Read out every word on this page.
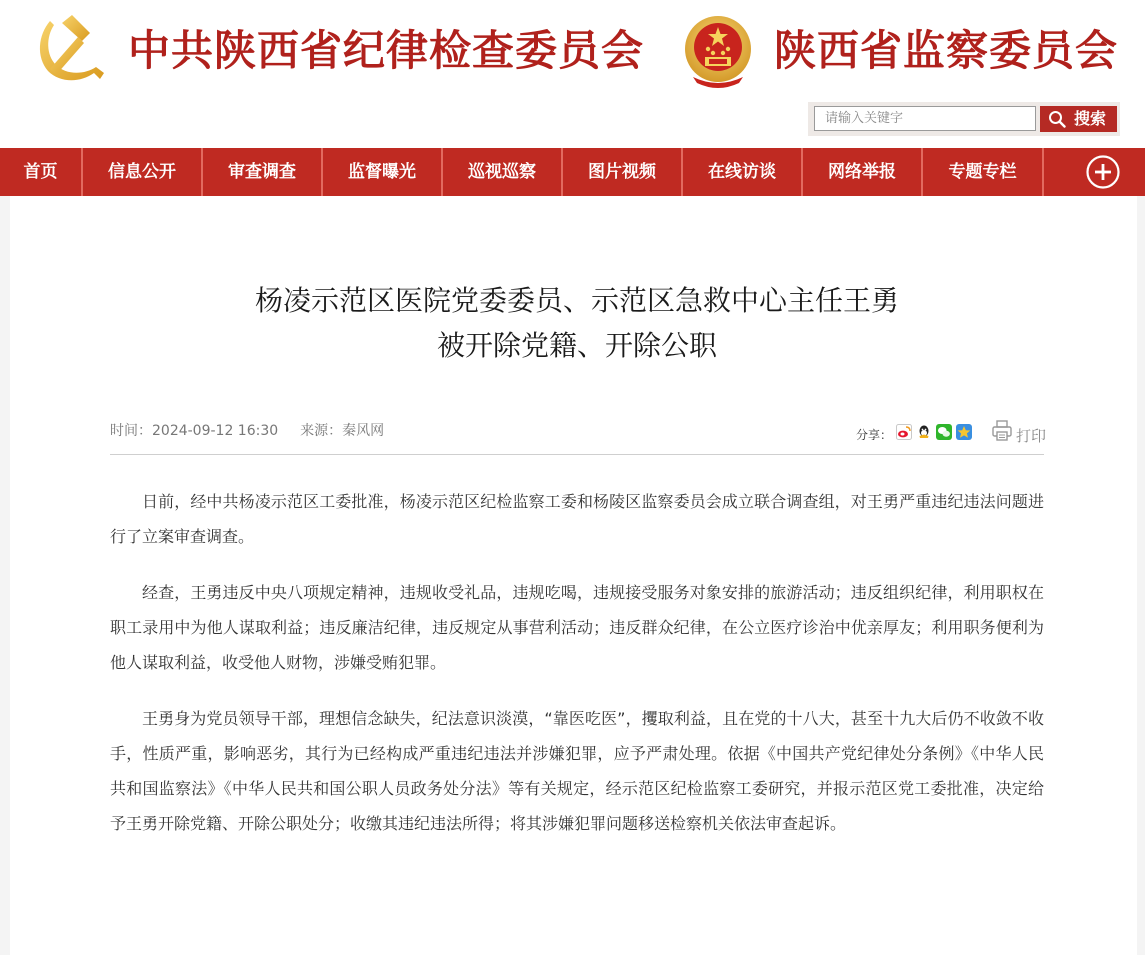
中共陕西省纪律检查委员会	陕西省监察委员会
请输入关键字	搜索
首页	信息公开	审查调查	监督曝光	巡视巡察	图片视频	在线访谈	网络举报	专题专栏
杨凌示范区医院党委委员、示范区急救中心主任王勇
被开除党籍、开除公职
时间：2024-09-12 16:30 来源：秦风网	分享：	打印

日前，经中共杨凌示范区工委批准，杨凌示范区纪检监察工委和杨陵区监察委员会成立联合调查组，对王勇严重违纪违法问题进行了立案审查调查。

经查，王勇违反中央八项规定精神，违规收受礼品，违规吃喝，违规接受服务对象安排的旅游活动；违反组织纪律，利用职权在职工录用中为他人谋取利益；违反廉洁纪律，违反规定从事营利活动；违反群众纪律，在公立医疗诊治中优亲厚友；利用职务便利为他人谋取利益，收受他人财物，涉嫌受贿犯罪。

王勇身为党员领导干部，理想信念缺失，纪法意识淡漠，“靠医吃医”，攫取利益，且在党的十八大，甚至十九大后仍不收敛不收手，性质严重，影响恶劣，其行为已经构成严重违纪违法并涉嫌犯罪，应予严肃处理。依据《中国共产党纪律处分条例》《中华人民共和国监察法》《中华人民共和国公职人员政务处分法》等有关规定，经示范区纪检监察工委研究，并报示范区党工委批准，决定给予王勇开除党籍、开除公职处分；收缴其违纪违法所得；将其涉嫌犯罪问题移送检察机关依法审查起诉。
